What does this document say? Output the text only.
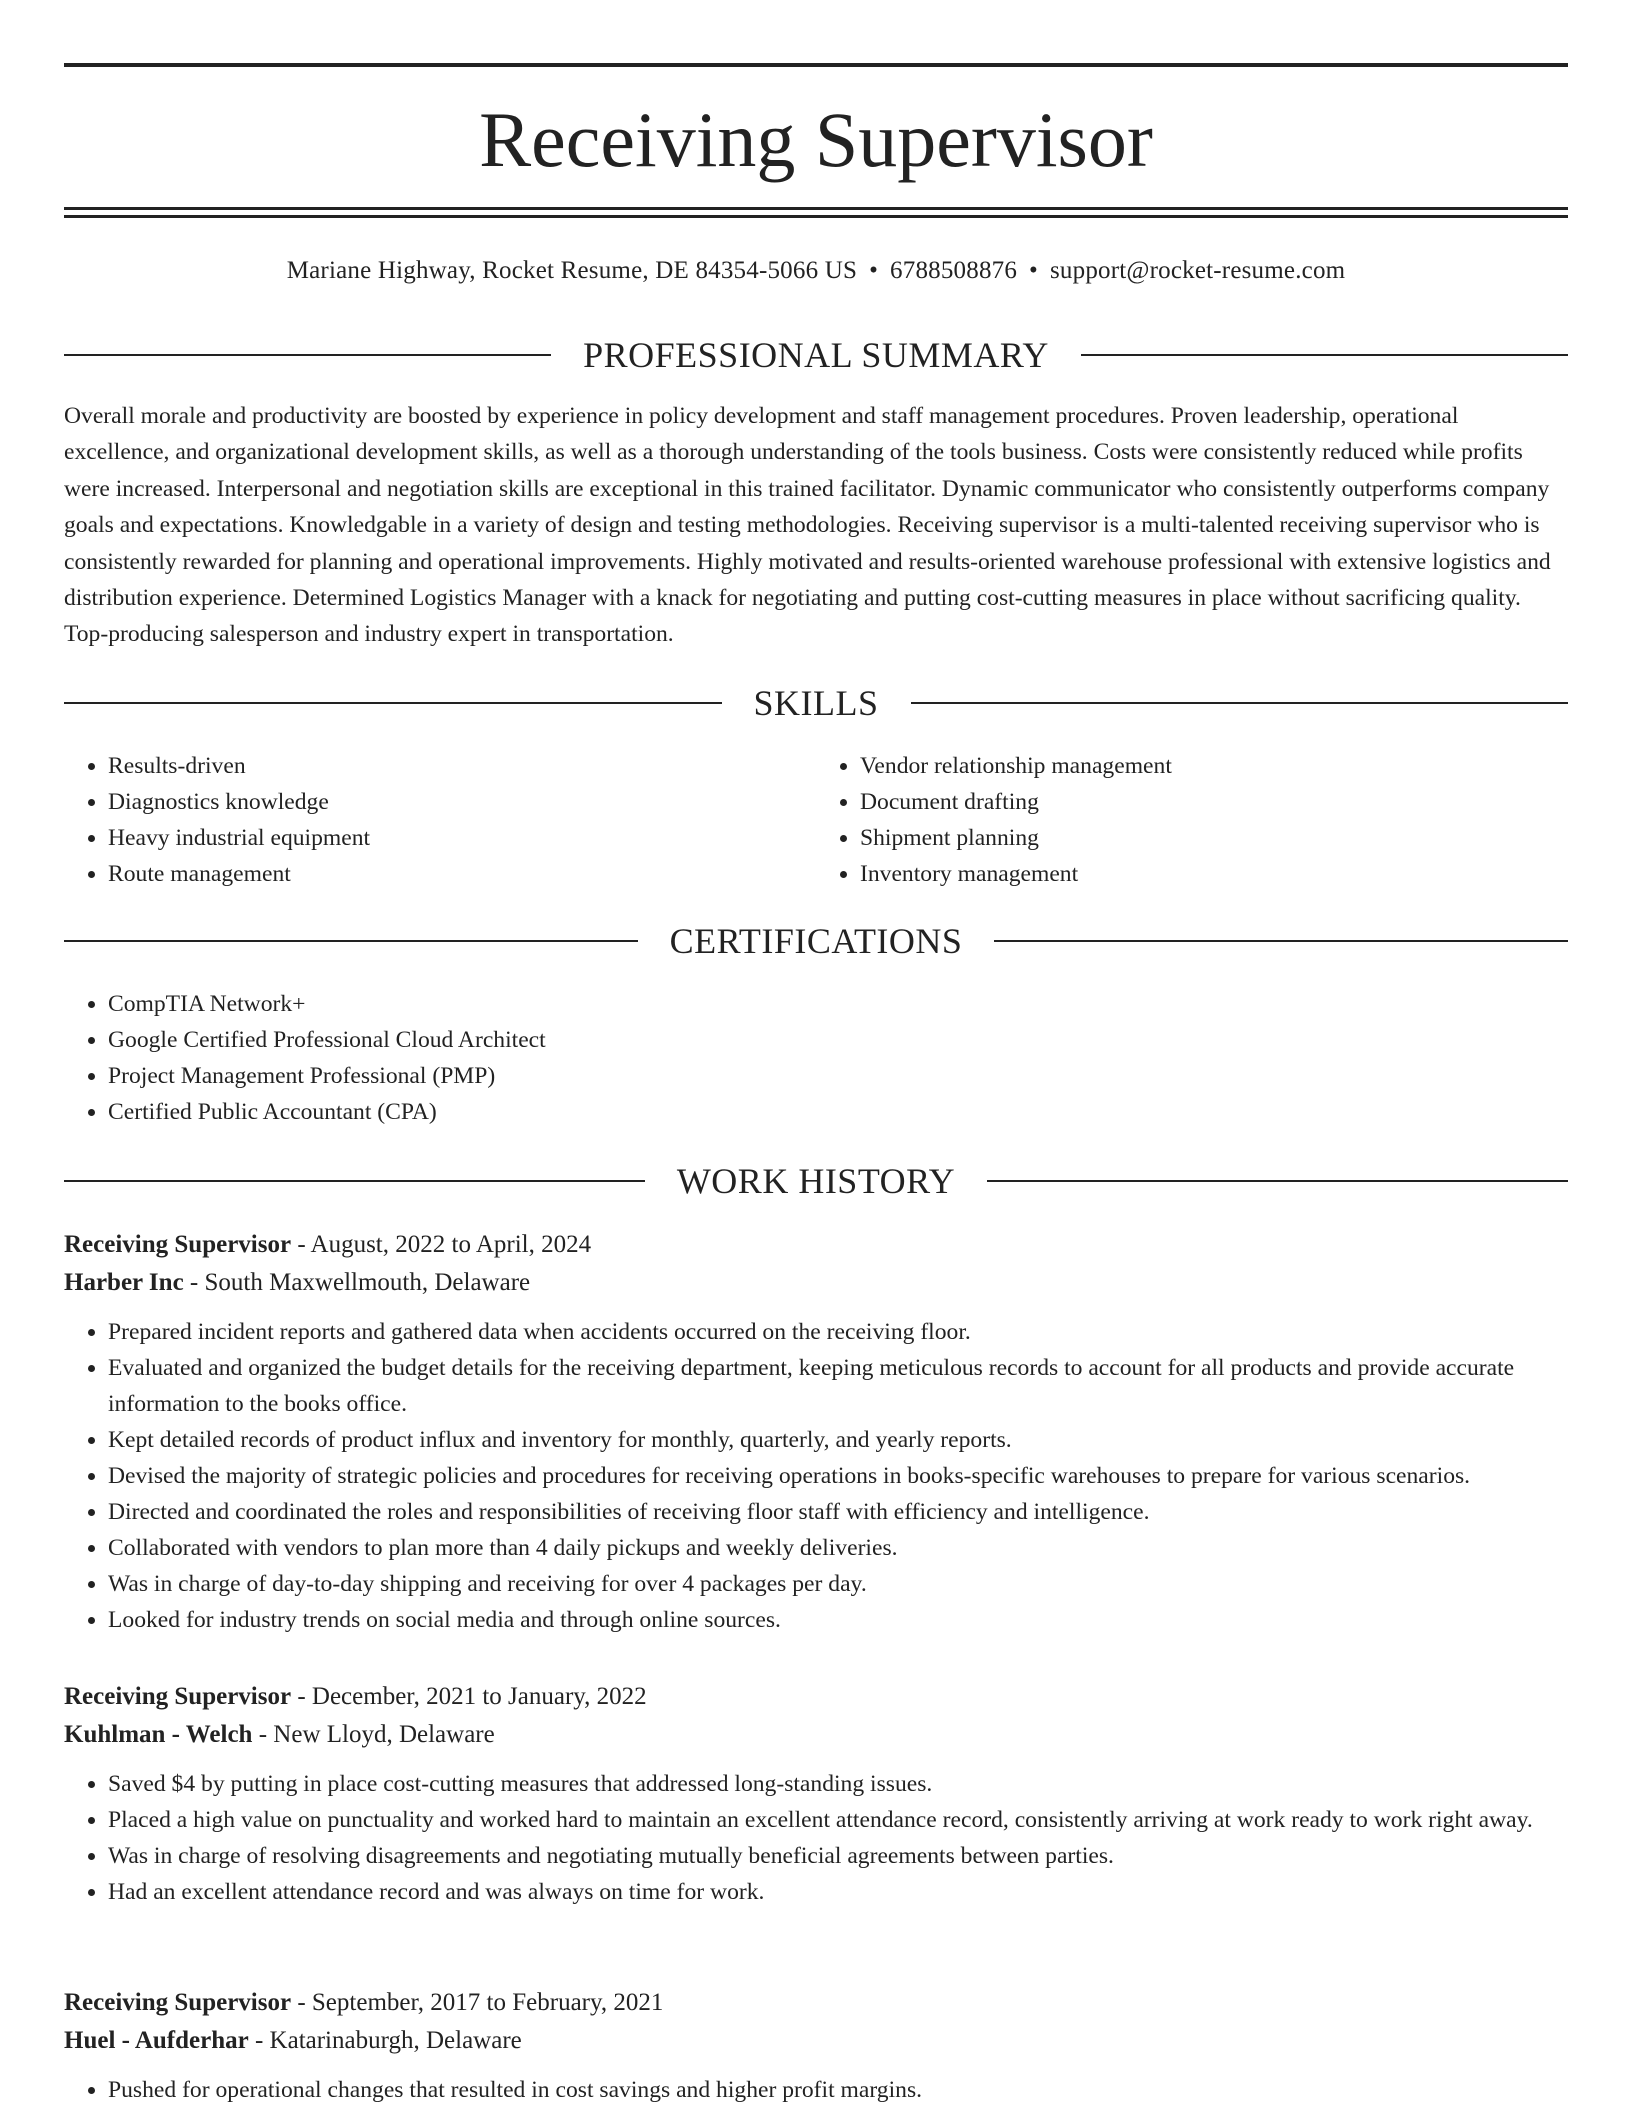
Receiving Supervisor
Mariane Highway, Rocket Resume, DE 84354-5066 US • 6788508876 • support@rocket-resume.com
PROFESSIONAL SUMMARY

Overall morale and productivity are boosted by experience in policy development and staff management procedures. Proven leadership, operational excellence, and organizational development skills, as well as a thorough understanding of the tools business. Costs were consistently reduced while profits were increased. Interpersonal and negotiation skills are exceptional in this trained facilitator. Dynamic communicator who consistently outperforms company goals and expectations. Knowledgable in a variety of design and testing methodologies. Receiving supervisor is a multi-talented receiving supervisor who is consistently rewarded for planning and operational improvements. Highly motivated and results-oriented warehouse professional with extensive logistics and distribution experience. Determined Logistics Manager with a knack for negotiating and putting cost-cutting measures in place without sacrificing quality. Top-producing salesperson and industry expert in transportation.

SKILLS
• Results-driven
• Diagnostics knowledge
• Heavy industrial equipment
• Route management
• Vendor relationship management
• Document drafting
• Shipment planning
• Inventory management
CERTIFICATIONS
• CompTIA Network+
• Google Certified Professional Cloud Architect
• Project Management Professional (PMP)
• Certified Public Accountant (CPA)
WORK HISTORY

Receiving Supervisor - August, 2022 to April, 2024

Harber Inc - South Maxwellmouth, Delaware

• Prepared incident reports and gathered data when accidents occurred on the receiving floor.
• Evaluated and organized the budget details for the receiving department, keeping meticulous records to account for all products and provide accurate information to the books office.
• Kept detailed records of product influx and inventory for monthly, quarterly, and yearly reports.
• Devised the majority of strategic policies and procedures for receiving operations in books-specific warehouses to prepare for various scenarios.
• Directed and coordinated the roles and responsibilities of receiving floor staff with efficiency and intelligence.
• Collaborated with vendors to plan more than 4 daily pickups and weekly deliveries.
• Was in charge of day-to-day shipping and receiving for over 4 packages per day.
• Looked for industry trends on social media and through online sources.

Receiving Supervisor - December, 2021 to January, 2022

Kuhlman - Welch - New Lloyd, Delaware

• Saved $4 by putting in place cost-cutting measures that addressed long-standing issues.
• Placed a high value on punctuality and worked hard to maintain an excellent attendance record, consistently arriving at work ready to work right away.
• Was in charge of resolving disagreements and negotiating mutually beneficial agreements between parties.
• Had an excellent attendance record and was always on time for work.

Receiving Supervisor - September, 2017 to February, 2021

Huel - Aufderhar - Katarinaburgh, Delaware

• Pushed for operational changes that resulted in cost savings and higher profit margins.
